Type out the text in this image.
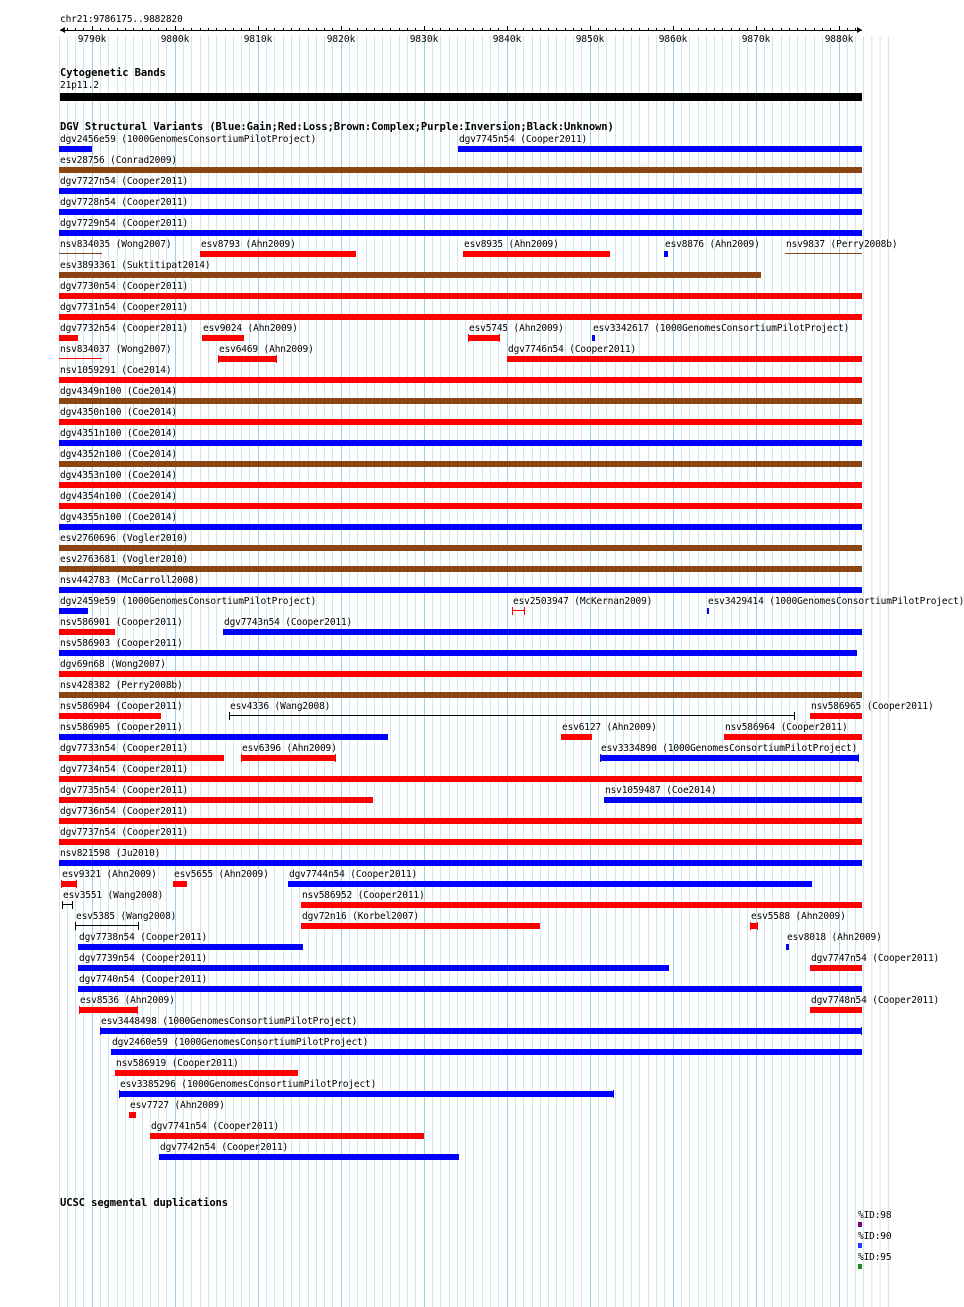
chr21:9786175..9882820
9790k	9800k	9810k	9820k	9830k	9840k	9850k	9860k	9870k	9880k
Cytogenetic Bands
21p11.2
DGV Structural Variants (Blue:Gain;Red:Loss;Brown:Complex;Purple:Inversion;Black:Unknown)
dgv2456e59 (1000GenomesConsortiumPilotProject)	dgv7745n54 (Cooper2011)
esv28756 (Conrad2009)
dgv7727n54 (Cooper2011)
dgv7728n54 (Cooper2011)
dgv7729n54 (Cooper2011)
nsv834035 (Wong2007)	esv8793 (Ahn2009)	esv8935 (Ahn2009)	esv8876 (Ahn2009)	nsv9837 (Perry2008b)
esv3893361 (Suktitipat2014)
dgv7730n54 (Cooper2011)
dgv7731n54 (Cooper2011)
dgv7732n54 (Cooper2011) esv9024 (Ahn2009)	esv5745 (Ahn2009)	esv3342617 (1000GenomesConsortiumPilotProject)
nsv834037 (Wong2007)	esv6469 (Ahn2009)	dgv7746n54 (Cooper2011)
nsv1059291 (Coe2014)
dgv4349n100 (Coe2014)
dgv4350n100 (Coe2014)
dgv4351n100 (Coe2014)
dgv4352n100 (Coe2014)
dgv4353n100 (Coe2014)
dgv4354n100 (Coe2014)
dgv4355n100 (Coe2014)
esv2760696 (Vogler2010)
esv2763681 (Vogler2010)
nsv442783 (McCarroll2008)
dgv2459e59 (1000GenomesConsortiumPilotProject)	esv2503947 (McKernan2009)	esv3429414 (1000GenomesConsortiumPilotProject)
nsv586901 (Cooper2011)	dgv7743n54 (Cooper2011)
nsv586903 (Cooper2011)
dgv69n68 (Wong2007)
nsv428382 (Perry2008b)
nsv586904 (Cooper2011)	esv4336 (Wang2008)	nsv586965 (Cooper2011)
nsv586905 (Cooper2011)	esv6127 (Ahn2009)	nsv586964 (Cooper2011)
dgv7733n54 (Cooper2011)	esv6396 (Ahn2009)	esv3334890 (1000GenomesConsortiumPilotProject)
dgv7734n54 (Cooper2011)
dgv7735n54 (Cooper2011)	nsv1059487 (Coe2014)
dgv7736n54 (Cooper2011)
dgv7737n54 (Cooper2011)
nsv821598 (Ju2010)
esv9321 (Ahn2009) esv5655 (Ahn2009) dgv7744n54 (Cooper2011)
esv3551 (Wang2008)	nsv586952 (Cooper2011)
esv5385 (Wang2008)	dgv72n16 (Korbel2007)	esv5588 (Ahn2009)
dgv7738n54 (Cooper2011)	esv8018 (Ahn2009)
dgv7739n54 (Cooper2011)	dgv7747n54 (Cooper2011)
dgv7740n54 (Cooper2011)
esv8536 (Ahn2009)	dgv7748n54 (Cooper2011)
esv3448498 (1000GenomesConsortiumPilotProject)
dgv2460e59 (1000GenomesConsortiumPilotProject)
nsv586919 (Cooper2011)
esv3385296 (1000GenomesConsortiumPilotProject)
esv7727 (Ahn2009)
dgv7741n54 (Cooper2011)
dgv7742n54 (Cooper2011)
UCSC segmental duplications
%ID:98
%ID:90
%ID:95
